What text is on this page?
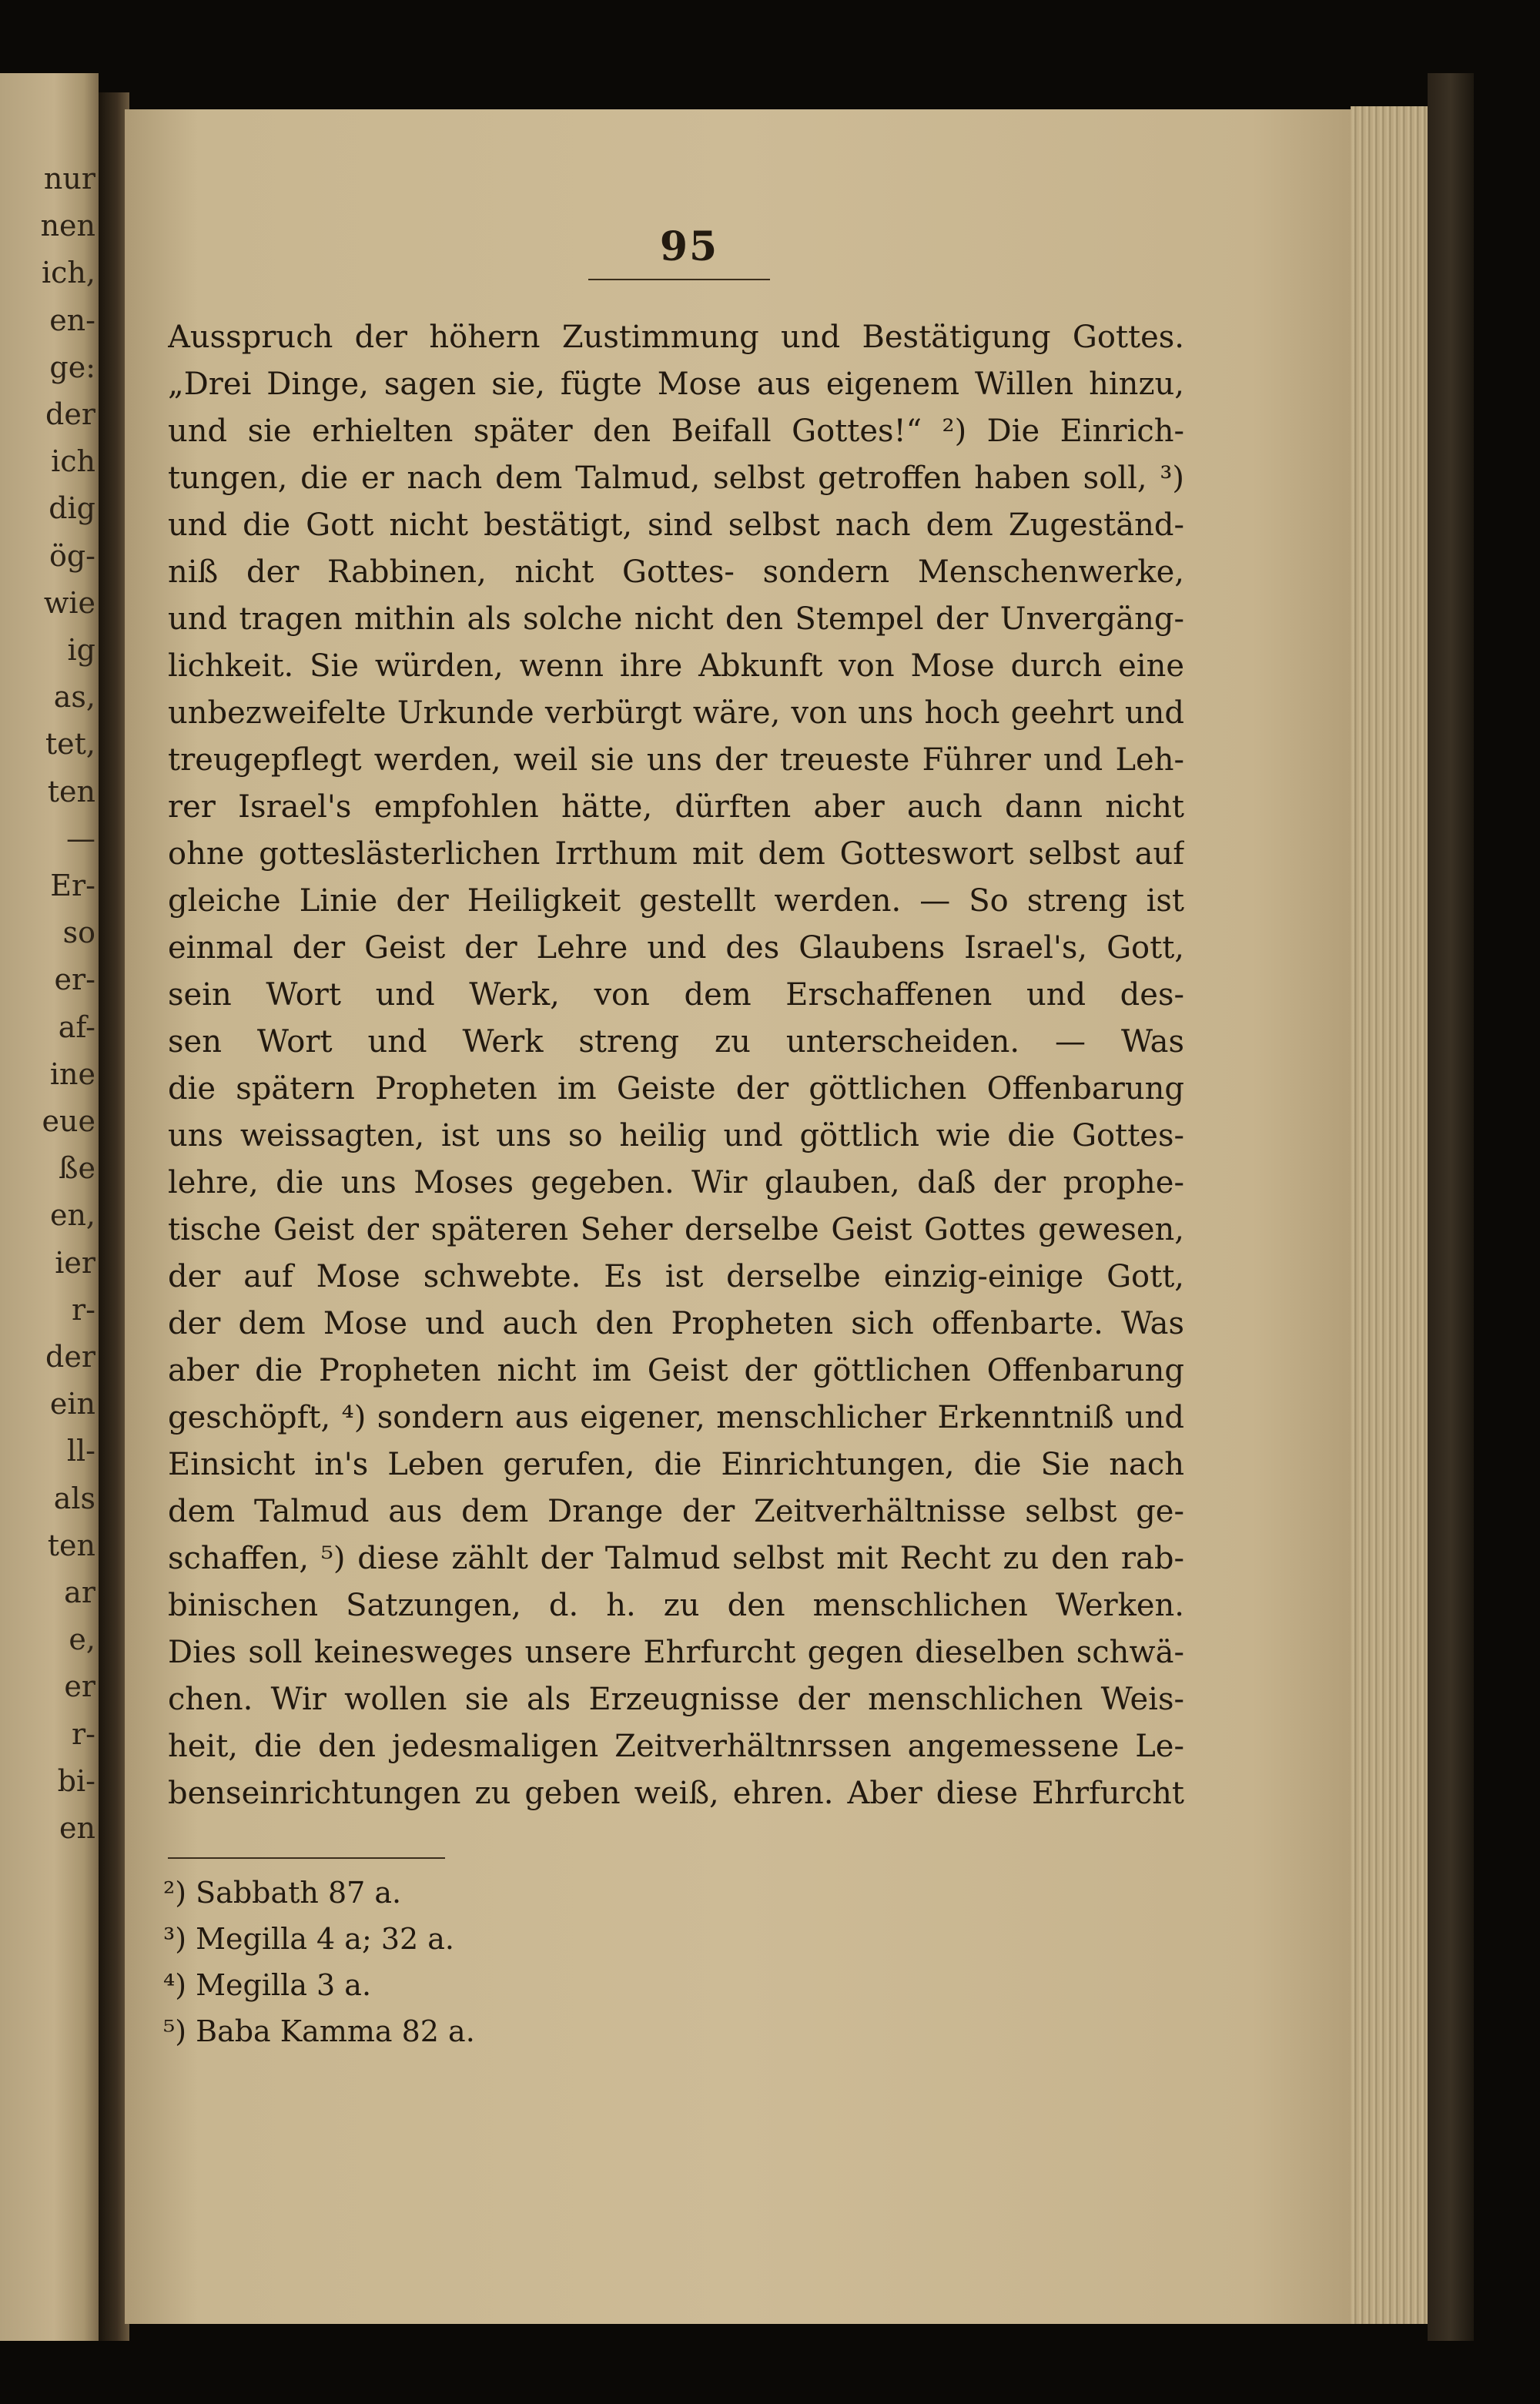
nur
nen
ich,
en-
ge:
der
ich
dig
ög-
wie
ig
as,
tet,
ten
—
Er-
so
er-
af-
ine
eue
ße
en,
ier
r-
der
ein
ll-
als
ten
ar
e,
er
r-
bi-
en
95
Ausspruch der höhern Zustimmung und Bestätigung Gottes.
„Drei Dinge, sagen sie, fügte Mose aus eigenem Willen hinzu,
und sie erhielten später den Beifall Gottes!“ ²) Die Einrich-
tungen, die er nach dem Talmud, selbst getroffen haben soll, ³)
und die Gott nicht bestätigt, sind selbst nach dem Zugeständ-
niß der Rabbinen, nicht Gottes- sondern Menschenwerke,
und tragen mithin als solche nicht den Stempel der Unvergäng-
lichkeit. Sie würden, wenn ihre Abkunft von Mose durch eine
unbezweifelte Urkunde verbürgt wäre, von uns hoch geehrt und
treugepflegt werden, weil sie uns der treueste Führer und Leh-
rer Israel's empfohlen hätte, dürften aber auch dann nicht
ohne gotteslästerlichen Irrthum mit dem Gotteswort selbst auf
gleiche Linie der Heiligkeit gestellt werden. — So streng ist
einmal der Geist der Lehre und des Glaubens Israel's, Gott,
sein Wort und Werk, von dem Erschaffenen und des-
sen Wort und Werk streng zu unterscheiden. — Was
die spätern Propheten im Geiste der göttlichen Offenbarung
uns weissagten, ist uns so heilig und göttlich wie die Gottes-
lehre, die uns Moses gegeben. Wir glauben, daß der prophe-
tische Geist der späteren Seher derselbe Geist Gottes gewesen,
der auf Mose schwebte. Es ist derselbe einzig-einige Gott,
der dem Mose und auch den Propheten sich offenbarte. Was
aber die Propheten nicht im Geist der göttlichen Offenbarung
geschöpft, ⁴) sondern aus eigener, menschlicher Erkenntniß und
Einsicht in's Leben gerufen, die Einrichtungen, die Sie nach
dem Talmud aus dem Drange der Zeitverhältnisse selbst ge-
schaffen, ⁵) diese zählt der Talmud selbst mit Recht zu den rab-
binischen Satzungen, d. h. zu den menschlichen Werken.
Dies soll keinesweges unsere Ehrfurcht gegen dieselben schwä-
chen. Wir wollen sie als Erzeugnisse der menschlichen Weis-
heit, die den jedesmaligen Zeitverhältnrssen angemessene Le-
benseinrichtungen zu geben weiß, ehren. Aber diese Ehrfurcht
²) Sabbath 87 a.
³) Megilla 4 a; 32 a.
⁴) Megilla 3 a.
⁵) Baba Kamma 82 a.
